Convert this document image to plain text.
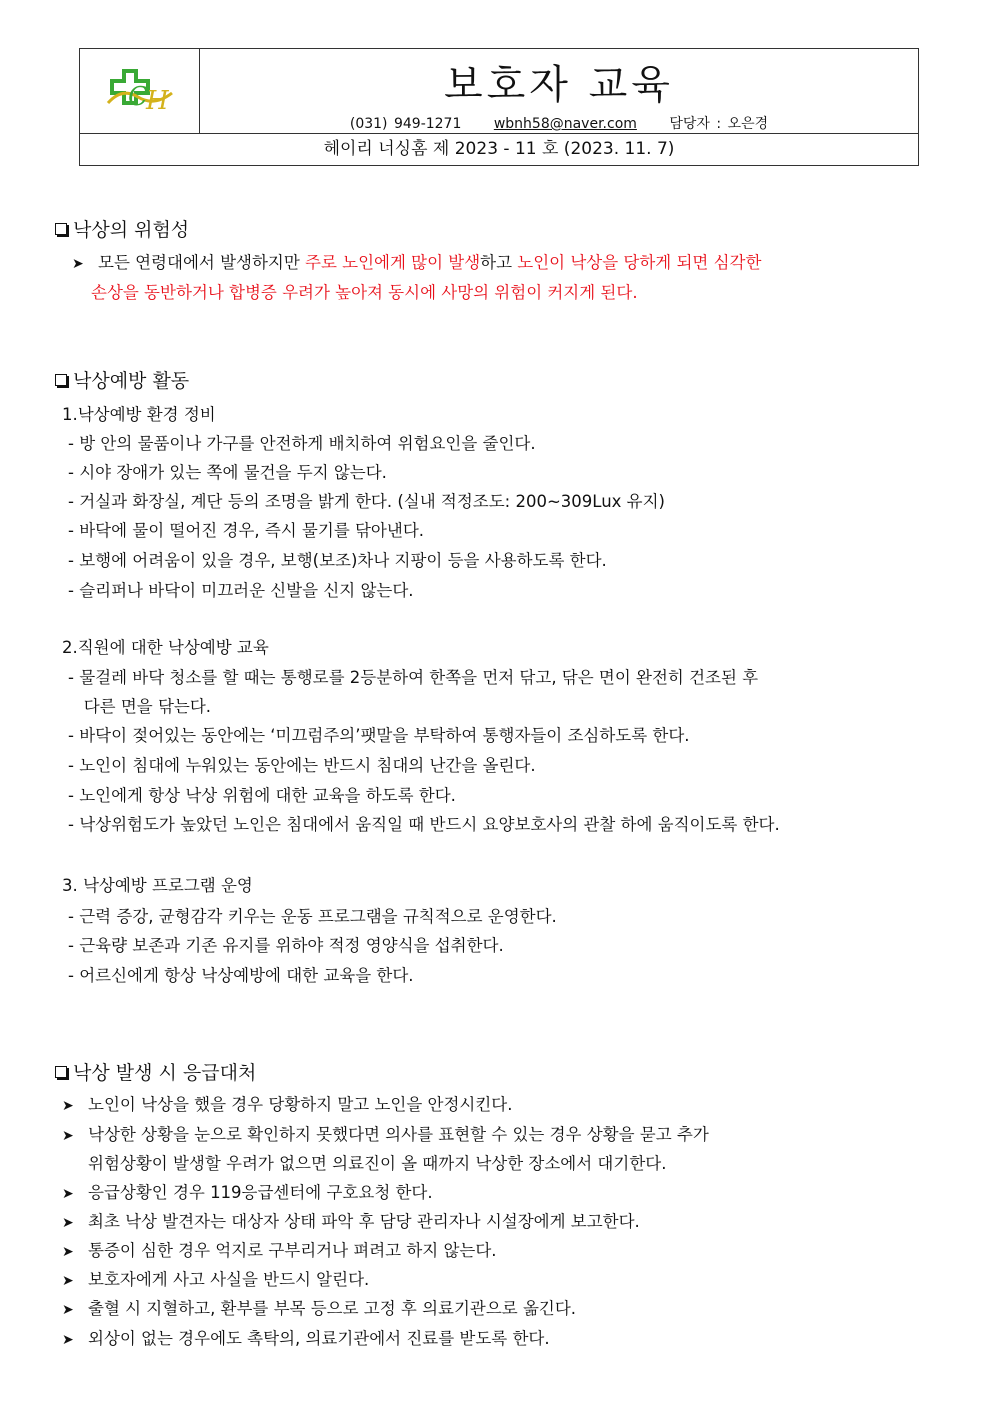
C
H	보호자 교육
(031) 949-1271 wbnh58@naver.com 담당자 : 오은경
헤이리 너싱홈 제 2023 - 11 호 (2023. 11. 7)
낙상의 위험성
➤ 모든 연령대에서 발생하지만 주로 노인에게 많이 발생하고 노인이 낙상을 당하게 되면 심각한
손상을 동반하거나 합병증 우려가 높아져 동시에 사망의 위험이 커지게 된다.
낙상예방 활동
1.낙상예방 환경 정비
- 방 안의 물품이나 가구를 안전하게 배치하여 위험요인을 줄인다.
- 시야 장애가 있는 쪽에 물건을 두지 않는다.
- 거실과 화장실, 계단 등의 조명을 밝게 한다. (실내 적정조도: 200~309Lux 유지)
- 바닥에 물이 떨어진 경우, 즉시 물기를 닦아낸다.
- 보행에 어려움이 있을 경우, 보행(보조)차나 지팡이 등을 사용하도록 한다.
- 슬리퍼나 바닥이 미끄러운 신발을 신지 않는다.
2.직원에 대한 낙상예방 교육
- 물걸레 바닥 청소를 할 때는 통행로를 2등분하여 한쪽을 먼저 닦고, 닦은 면이 완전히 건조된 후
다른 면을 닦는다.
- 바닥이 젖어있는 동안에는 ‘미끄럼주의’팻말을 부탁하여 통행자들이 조심하도록 한다.
- 노인이 침대에 누워있는 동안에는 반드시 침대의 난간을 올린다.
- 노인에게 항상 낙상 위험에 대한 교육을 하도록 한다.
- 낙상위험도가 높았던 노인은 침대에서 움직일 때 반드시 요양보호사의 관찰 하에 움직이도록 한다.
3. 낙상예방 프로그램 운영
- 근력 증강, 균형감각 키우는 운동 프로그램을 규칙적으로 운영한다.
- 근육량 보존과 기존 유지를 위하야 적정 영양식을 섭취한다.
- 어르신에게 항상 낙상예방에 대한 교육을 한다.
낙상 발생 시 응급대처
➤ 노인이 낙상을 했을 경우 당황하지 말고 노인을 안정시킨다.
➤ 낙상한 상황을 눈으로 확인하지 못했다면 의사를 표현할 수 있는 경우 상황을 묻고 추가
위험상황이 발생할 우려가 없으면 의료진이 올 때까지 낙상한 장소에서 대기한다.
➤ 응급상황인 경우 119응급센터에 구호요청 한다.
➤ 최초 낙상 발견자는 대상자 상태 파악 후 담당 관리자나 시설장에게 보고한다.
➤ 통증이 심한 경우 억지로 구부리거나 펴려고 하지 않는다.
➤ 보호자에게 사고 사실을 반드시 알린다.
➤ 출혈 시 지혈하고, 환부를 부목 등으로 고정 후 의료기관으로 옮긴다.
➤ 외상이 없는 경우에도 촉탁의, 의료기관에서 진료를 받도록 한다.
